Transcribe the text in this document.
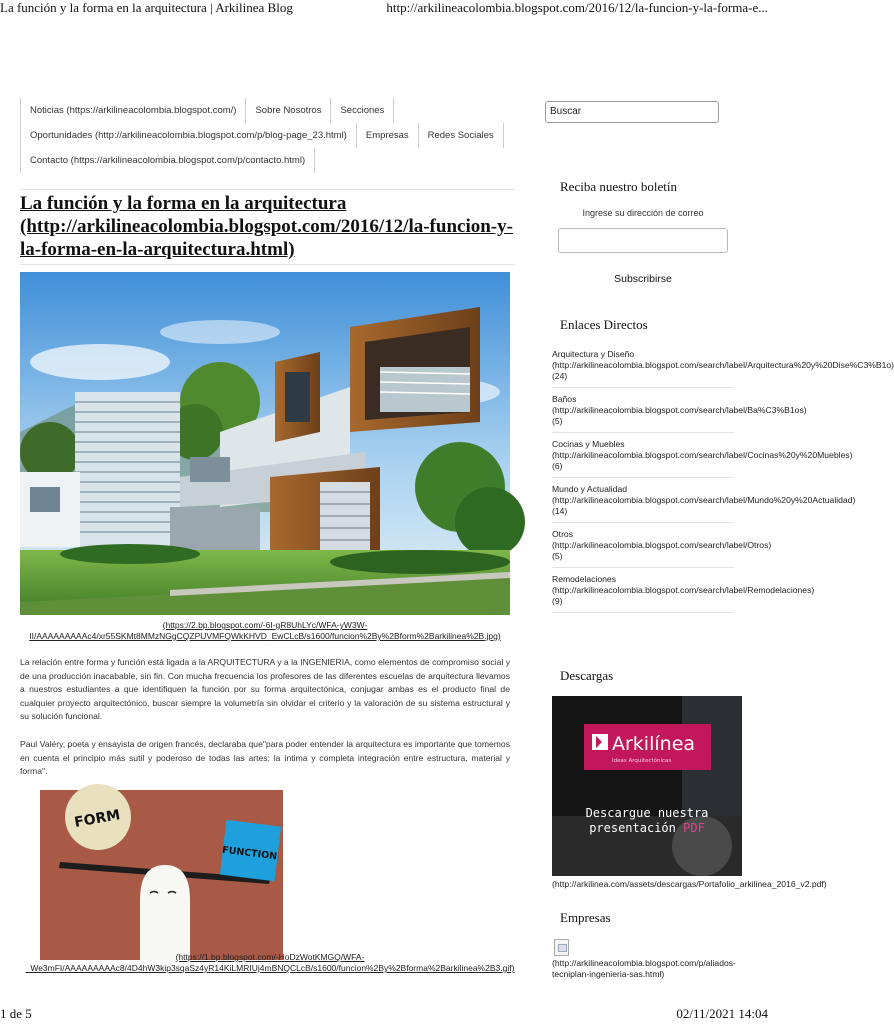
La función y la forma en la arquitectura | Arkilinea Blog	http://arkilineacolombia.blogspot.com/2016/12/la-funcion-y-la-forma-e...
Noticias (https://arkilineacolombia.blogspot.com/)	Sobre Nosotros	Secciones
Oportunidades (http://arkilineacolombia.blogspot.com/p/blog-page_23.html)	Empresas	Redes Sociales
Contacto (https://arkilineacolombia.blogspot.com/p/contacto.html)
La función y la forma en la arquitectura (http://arkilineacolombia.blogspot.com/2016/12/la-funcion-y-la-forma-en-la-arquitectura.html)
(https://2.bp.blogspot.com/-6I-gR8UhLYc/WFA-yW3W-II/AAAAAAAAAc4/xr55SKMt8MMzNGgCQZPUVMFQWkKHVD_EwCLcB/s1600/funcion%2By%2Bform%2Barkilinea%2B.jpg)

La relación entre forma y función está ligada a la ARQUITECTURA y a la INGENIERIA, como elementos de compromiso social y de una producción inacabable, sin fin. Con mucha frecuencia los profesores de las diferentes escuelas de arquitectura llevamos a nuestros estudiantes a que identifiquen la función por su forma arquitectónica, conjugar ambas es el producto final de cualquier proyecto arquitectónico, buscar siempre la volumetría sin olvidar el criterio y la valoración de su sistema estructural y su solución funcional.

Paul Valéry, poeta y ensayista de origen francés, declaraba que"para poder entender la arquitectura es importante que tomemos en cuenta el principio más sutil y poderoso de todas las artes: la íntima y completa integración entre estructura, material y forma".

FORM
FUNCTION
(https://1.bp.blogspot.com/-HoDzWotKMGQ/WFA-_We3mFI/AAAAAAAAAc8/4D4hW3kip3sqaSz4yR14KiLMRIUj4mBNQCLcB/s1600/funcion%2By%2Bforma%2Barkilinea%2B3.gif)
Buscar
Reciba nuestro boletín
Ingrese su dirección de correo
Subscribirse
Enlaces Directos
Arquitectura y Diseño (http://arkilineacolombia.blogspot.com/search/label/Arquitectura%20y%20Dise%C3%B1o) (24)
Baños (http://arkilineacolombia.blogspot.com/search/label/Ba%C3%B1os) (5)
Cocinas y Muebles (http://arkilineacolombia.blogspot.com/search/label/Cocinas%20y%20Muebles) (6)
Mundo y Actualidad (http://arkilineacolombia.blogspot.com/search/label/Mundo%20y%20Actualidad) (14)
Otros (http://arkilineacolombia.blogspot.com/search/label/Otros) (5)
Remodelaciones (http://arkilineacolombia.blogspot.com/search/label/Remodelaciones) (9)
Descargas
Arkilínea
Ideas Arquitectónicas
Descargue nuestra
presentación PDF
(http://arkilinea.com/assets/descargas/Portafolio_arkilinea_2016_v2.pdf)
Empresas
(http://arkilineacolombia.blogspot.com/p/aliados-tecniplan-ingenieria-sas.html)
1 de 5	02/11/2021 14:04
